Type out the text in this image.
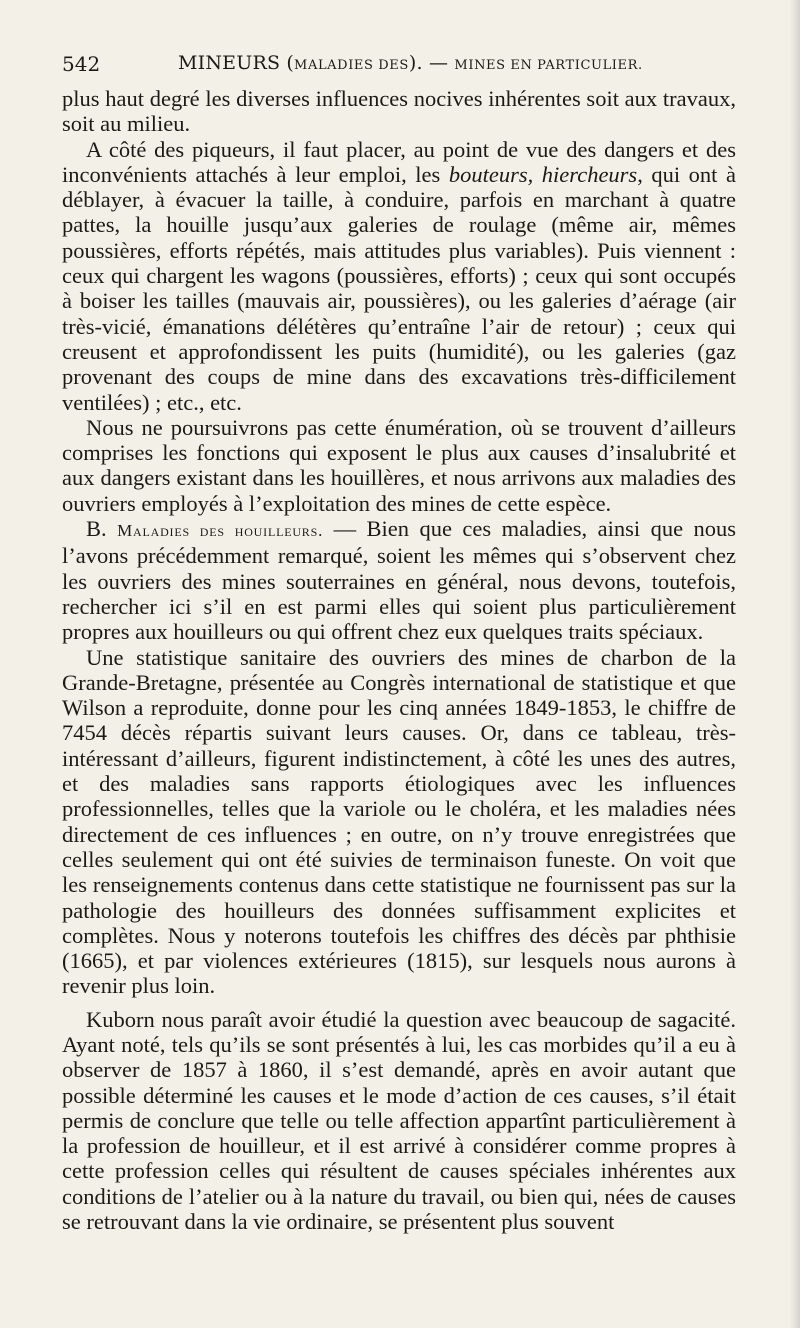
542	MINEURS (MALADIES DES). — MINES EN PARTICULIER.

plus haut degré les diverses influences nocives inhérentes soit aux travaux, soit au milieu.

A côté des piqueurs, il faut placer, au point de vue des dangers et des inconvénients attachés à leur emploi, les bouteurs, hiercheurs, qui ont à déblayer, à évacuer la taille, à conduire, parfois en marchant à quatre pattes, la houille jusqu’aux galeries de roulage (même air, mêmes poussières, efforts répétés, mais attitudes plus variables). Puis viennent : ceux qui chargent les wagons (poussières, efforts) ; ceux qui sont occupés à boiser les tailles (mauvais air, poussières), ou les galeries d’aérage (air très-vicié, émanations délétères qu’entraîne l’air de retour) ; ceux qui creusent et approfondissent les puits (humidité), ou les galeries (gaz provenant des coups de mine dans des excavations très-difficilement ventilées) ; etc., etc.

Nous ne poursuivrons pas cette énumération, où se trouvent d’ailleurs comprises les fonctions qui exposent le plus aux causes d’insalubrité et aux dangers existant dans les houillères, et nous arrivons aux maladies des ouvriers employés à l’exploitation des mines de cette espèce.

B. Maladies des houilleurs. — Bien que ces maladies, ainsi que nous l’avons précédemment remarqué, soient les mêmes qui s’observent chez les ouvriers des mines souterraines en général, nous devons, toutefois, rechercher ici s’il en est parmi elles qui soient plus particulièrement propres aux houilleurs ou qui offrent chez eux quelques traits spéciaux.

Une statistique sanitaire des ouvriers des mines de charbon de la Grande-Bretagne, présentée au Congrès international de statistique et que Wilson a reproduite, donne pour les cinq années 1849-1853, le chiffre de 7454 décès répartis suivant leurs causes. Or, dans ce tableau, très-intéressant d’ailleurs, figurent indistinctement, à côté les unes des autres, et des maladies sans rapports étiologiques avec les influences professionnelles, telles que la variole ou le choléra, et les maladies nées directement de ces influences ; en outre, on n’y trouve enregistrées que celles seulement qui ont été suivies de terminaison funeste. On voit que les renseignements contenus dans cette statistique ne fournissent pas sur la pathologie des houilleurs des données suffisamment explicites et complètes. Nous y noterons toutefois les chiffres des décès par phthisie (1665), et par violences extérieures (1815), sur lesquels nous aurons à revenir plus loin.

Kuborn nous paraît avoir étudié la question avec beaucoup de sagacité. Ayant noté, tels qu’ils se sont présentés à lui, les cas morbides qu’il a eu à observer de 1857 à 1860, il s’est demandé, après en avoir autant que possible déterminé les causes et le mode d’action de ces causes, s’il était permis de conclure que telle ou telle affection appartînt particulièrement à la profession de houilleur, et il est arrivé à considérer comme propres à cette profession celles qui résultent de causes spéciales inhérentes aux conditions de l’atelier ou à la nature du travail, ou bien qui, nées de causes se retrouvant dans la vie ordinaire, se présentent plus souvent
